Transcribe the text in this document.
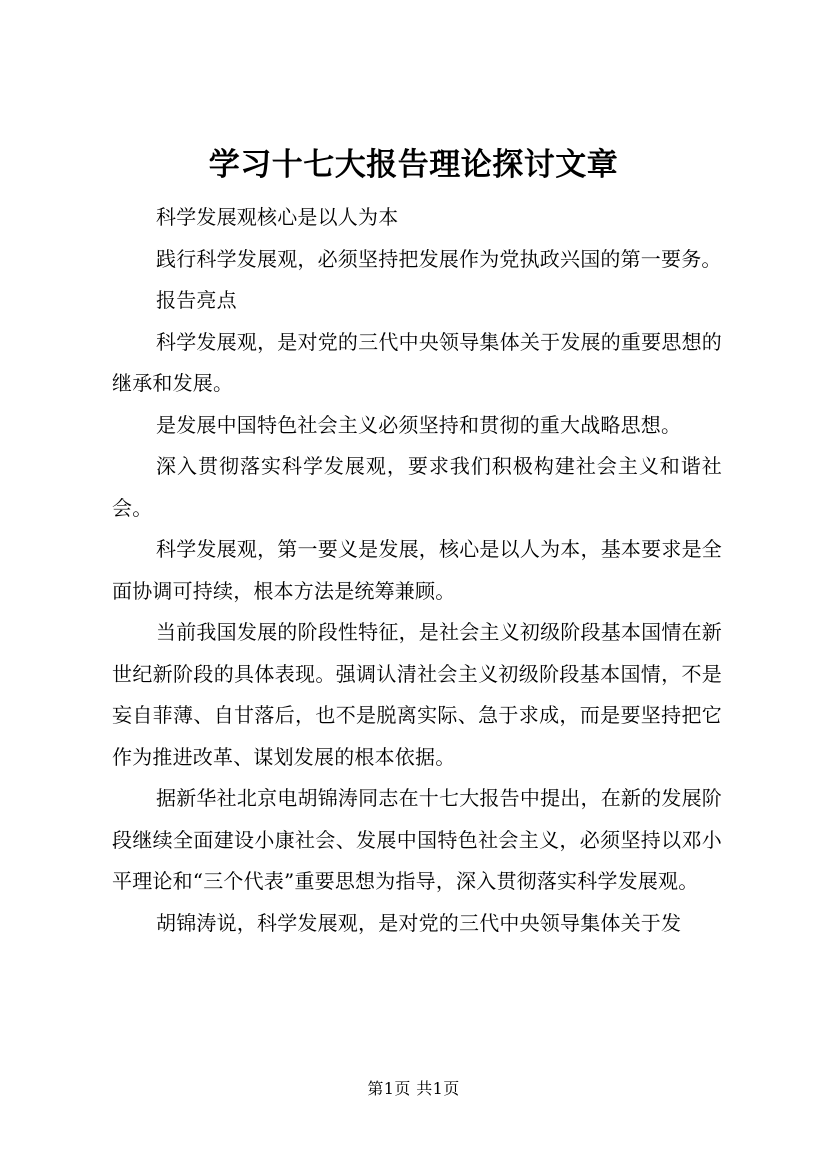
学习十七大报告理论探讨文章

科学发展观核心是以人为本

践行科学发展观，必须坚持把发展作为党执政兴国的第一要务。

报告亮点

科学发展观，是对党的三代中央领导集体关于发展的重要思想的继承和发展。

是发展中国特色社会主义必须坚持和贯彻的重大战略思想。

深入贯彻落实科学发展观，要求我们积极构建社会主义和谐社会。

科学发展观，第一要义是发展，核心是以人为本，基本要求是全面协调可持续，根本方法是统筹兼顾。

当前我国发展的阶段性特征，是社会主义初级阶段基本国情在新世纪新阶段的具体表现。强调认清社会主义初级阶段基本国情，不是妄自菲薄、自甘落后，也不是脱离实际、急于求成，而是要坚持把它作为推进改革、谋划发展的根本依据。

据新华社北京电胡锦涛同志在十七大报告中提出，在新的发展阶段继续全面建设小康社会、发展中国特色社会主义，必须坚持以邓小平理论和“三个代表”重要思想为指导，深入贯彻落实科学发展观。

胡锦涛说，科学发展观，是对党的三代中央领导集体关于发

第1页 共1页
